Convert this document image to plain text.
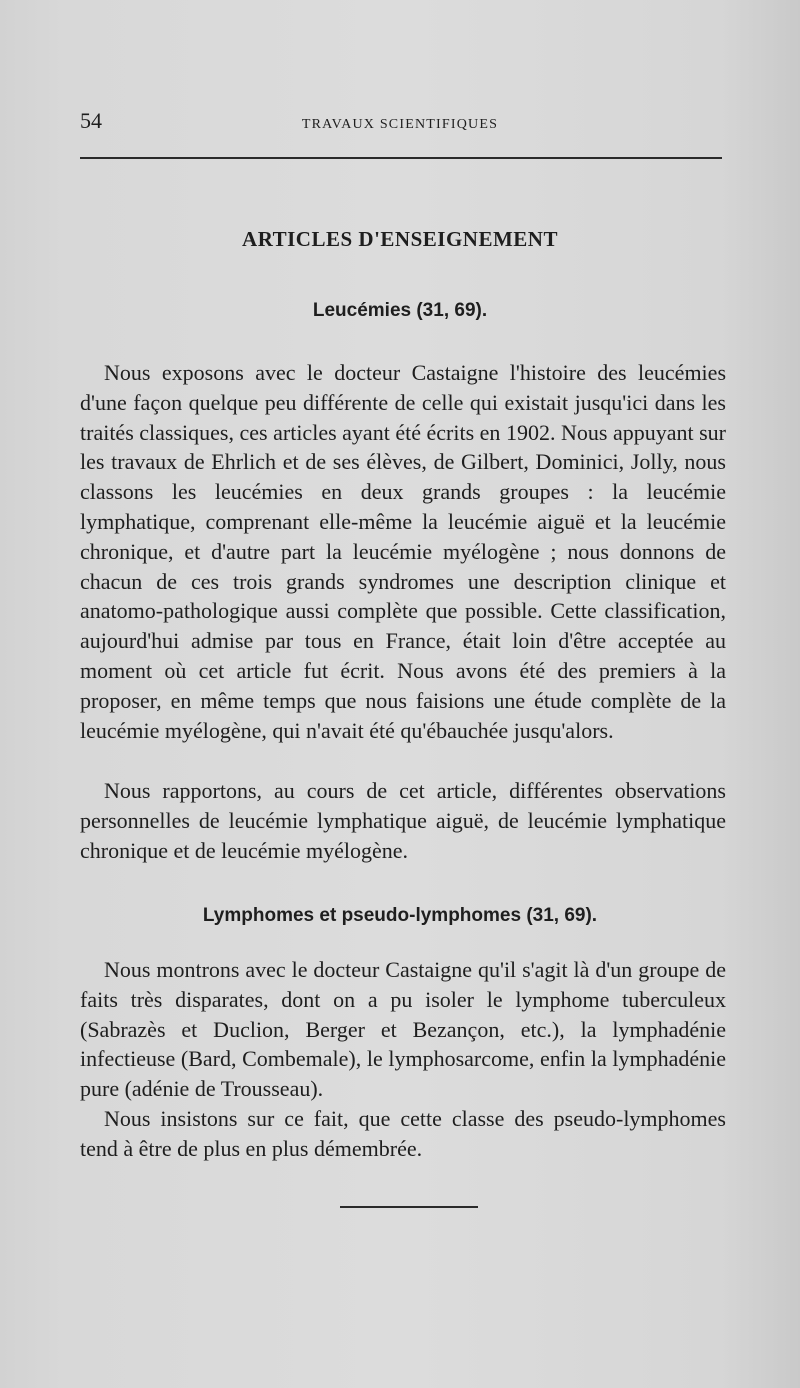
54	TRAVAUX SCIENTIFIQUES
ARTICLES D'ENSEIGNEMENT
Leucémies (31, 69).

Nous exposons avec le docteur Castaigne l'histoire des leucémies d'une façon quelque peu différente de celle qui existait jusqu'ici dans les traités classiques, ces articles ayant été écrits en 1902. Nous appuyant sur les travaux de Ehrlich et de ses élèves, de Gilbert, Dominici, Jolly, nous classons les leucémies en deux grands groupes : la leucémie lymphatique, comprenant elle-même la leucémie aiguë et la leucémie chronique, et d'autre part la leucémie myélogène ; nous donnons de chacun de ces trois grands syndromes une description clinique et anatomo-pathologique aussi complète que possible. Cette classification, aujourd'hui admise par tous en France, était loin d'être acceptée au moment où cet article fut écrit. Nous avons été des premiers à la proposer, en même temps que nous faisions une étude complète de la leucémie myélogène, qui n'avait été qu'ébauchée jusqu'alors.

Nous rapportons, au cours de cet article, différentes observations personnelles de leucémie lymphatique aiguë, de leucémie lymphatique chronique et de leucémie myélogène.

Lymphomes et pseudo-lymphomes (31, 69).

Nous montrons avec le docteur Castaigne qu'il s'agit là d'un groupe de faits très disparates, dont on a pu isoler le lymphome tuberculeux (Sabrazès et Duclion, Berger et Bezançon, etc.), la lymphadénie infectieuse (Bard, Combemale), le lymphosarcome, enfin la lymphadénie pure (adénie de Trousseau).

Nous insistons sur ce fait, que cette classe des pseudo-lymphomes tend à être de plus en plus démembrée.
